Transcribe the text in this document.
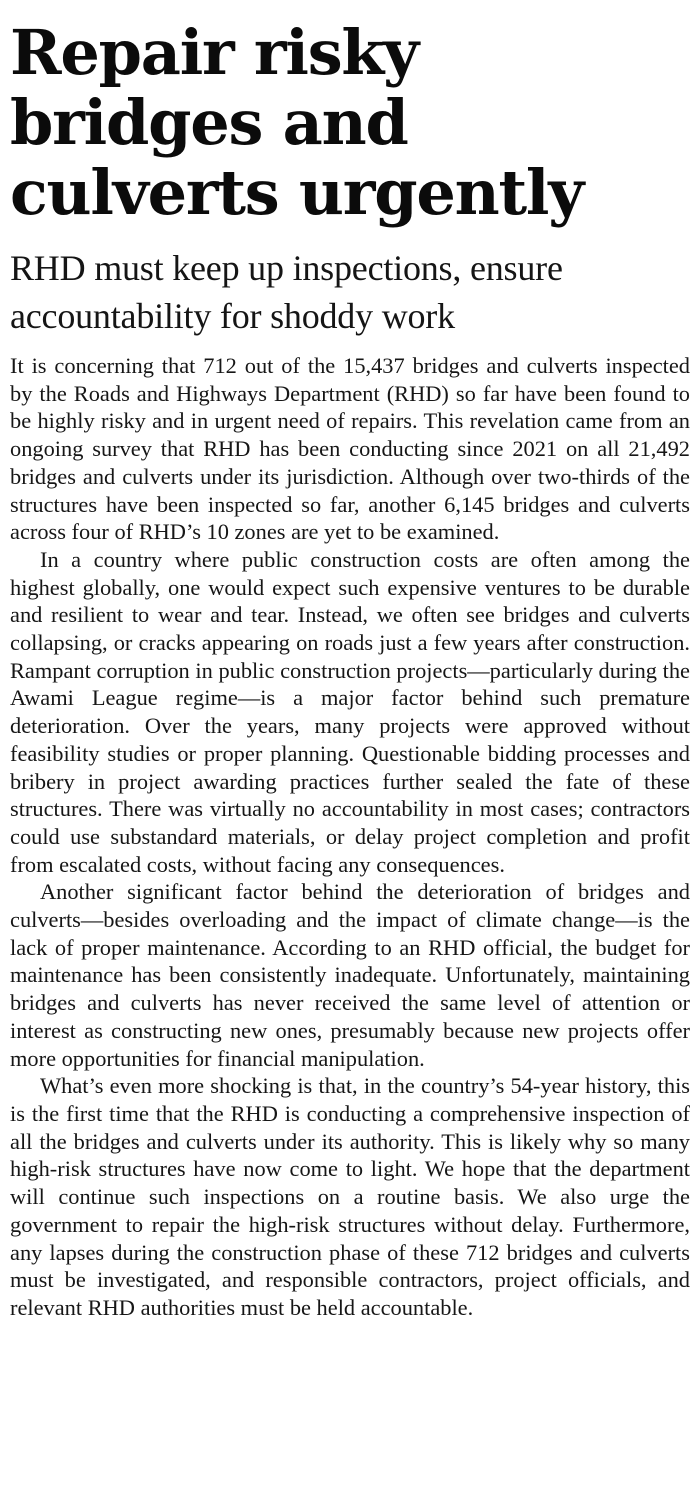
Repair risky bridges and culverts urgently
RHD must keep up inspections, ensure accountability for shoddy work

It is concerning that 712 out of the 15,437 bridges and culverts inspected by the Roads and Highways Department (RHD) so far have been found to be highly risky and in urgent need of repairs. This revelation came from an ongoing survey that RHD has been conducting since 2021 on all 21,492 bridges and culverts under its jurisdiction. Although over two-thirds of the structures have been inspected so far, another 6,145 bridges and culverts across four of RHD’s 10 zones are yet to be examined.

In a country where public construction costs are often among the highest globally, one would expect such expensive ventures to be durable and resilient to wear and tear. Instead, we often see bridges and culverts collapsing, or cracks appearing on roads just a few years after construction. Rampant corruption in public construction projects—particularly during the Awami League regime—is a major factor behind such premature deterioration. Over the years, many projects were approved without feasibility studies or proper planning. Questionable bidding processes and bribery in project awarding practices further sealed the fate of these structures. There was virtually no accountability in most cases; contractors could use substandard materials, or delay project completion and profit from escalated costs, without facing any consequences.

Another significant factor behind the deterioration of bridges and culverts—besides overloading and the impact of climate change—is the lack of proper maintenance. According to an RHD official, the budget for maintenance has been consistently inadequate. Unfortunately, maintaining bridges and culverts has never received the same level of attention or interest as constructing new ones, presumably because new projects offer more opportunities for financial manipulation.

What’s even more shocking is that, in the country’s 54-year history, this is the first time that the RHD is conducting a comprehensive inspection of all the bridges and culverts under its authority. This is likely why so many high-risk structures have now come to light. We hope that the department will continue such inspections on a routine basis. We also urge the government to repair the high-risk structures without delay. Furthermore, any lapses during the construction phase of these 712 bridges and culverts must be investigated, and responsible contractors, project officials, and relevant RHD authorities must be held accountable.
